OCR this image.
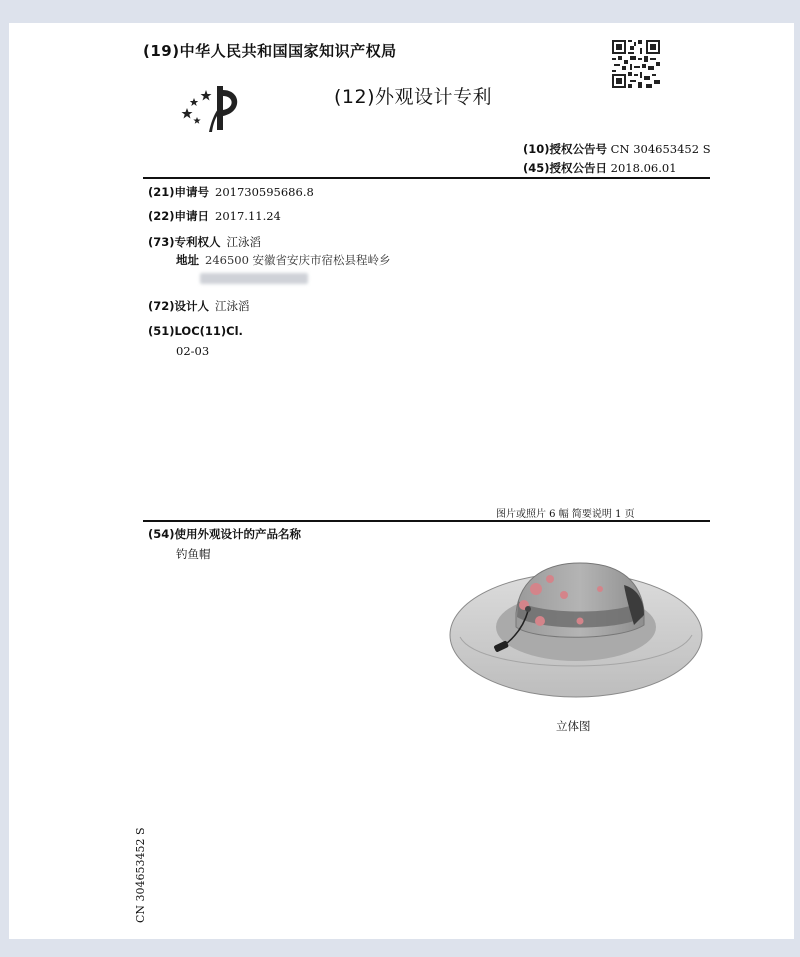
(19)中华人民共和国国家知识产权局
(12)外观设计专利
(10)授权公告号 CN 304653452 S
(45)授权公告日 2018.06.01
(21)申请号 201730595686.8
(22)申请日 2017.11.24
(73)专利权人 江泳滔
地址 246500 安徽省安庆市宿松县程岭乡
(72)设计人 江泳滔
(51)LOC(11)Cl.
02-03
图片或照片 6 幅 简要说明 1 页
(54)使用外观设计的产品名称
钓鱼帽
立体图
CN 304653452 S
